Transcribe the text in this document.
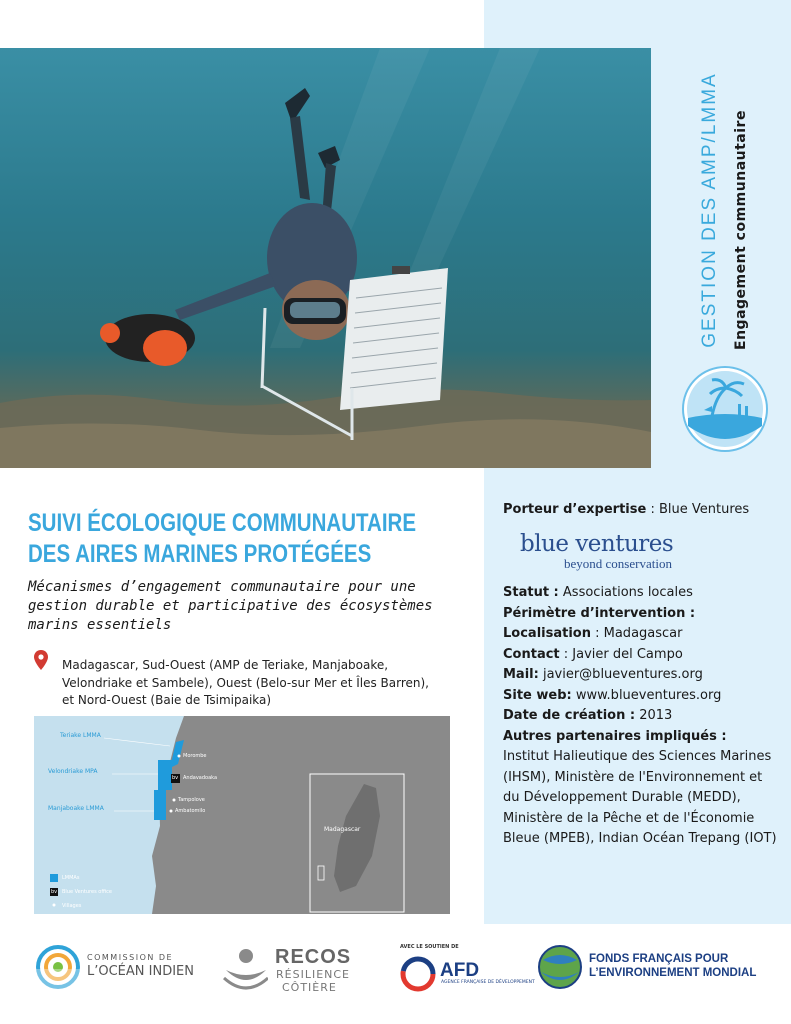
GESTION DES AMP/LMMA Engagement communautaire
SUIVI ÉCOLOGIQUE COMMUNAUTAIRE
DES AIRES MARINES PROTÉGÉES
Mécanismes d’engagement communautaire pour une gestion durable et participative des écosystèmes marins essentiels
Madagascar, Sud-Ouest (AMP de Teriake, Manjaboake,
Velondriake et Sambele), Ouest (Belo-sur Mer et Îles Barren),
et Nord-Ouest (Baie de Tsimipaika)
Teriake LMMA
Velondriake MPA
Manjaboake LMMA
Morombe
Andavadoaka
Tampolove
Ambatomilo
Madagascar
LMMAs
Blue Ventures office
Villages
bv
bv
Porteur d’expertise : Blue Ventures
blue ventures
beyond conservation
Statut : Associations locales
Périmètre d’intervention :
Localisation : Madagascar
Contact : Javier del Campo
Mail: javier@blueventures.org
Site web: www.blueventures.org
Date de création : 2013
Autres partenaires impliqués :
Institut Halieutique des Sciences Marines (IHSM), Ministère de l'Environnement et du Développement Durable (MEDD), Ministère de la Pêche et de l'Économie Bleue (MPEB), Indian Océan Trepang (IOT)
COMMISSION DE
L’OCÉAN INDIEN
RECOS
RÉSILIENCE
CÔTIÈRE
AVEC LE SOUTIEN DE
AFD
AGENCE FRANÇAISE DE DÉVELOPPEMENT
FONDS FRANÇAIS POUR
L’ENVIRONNEMENT MONDIAL
